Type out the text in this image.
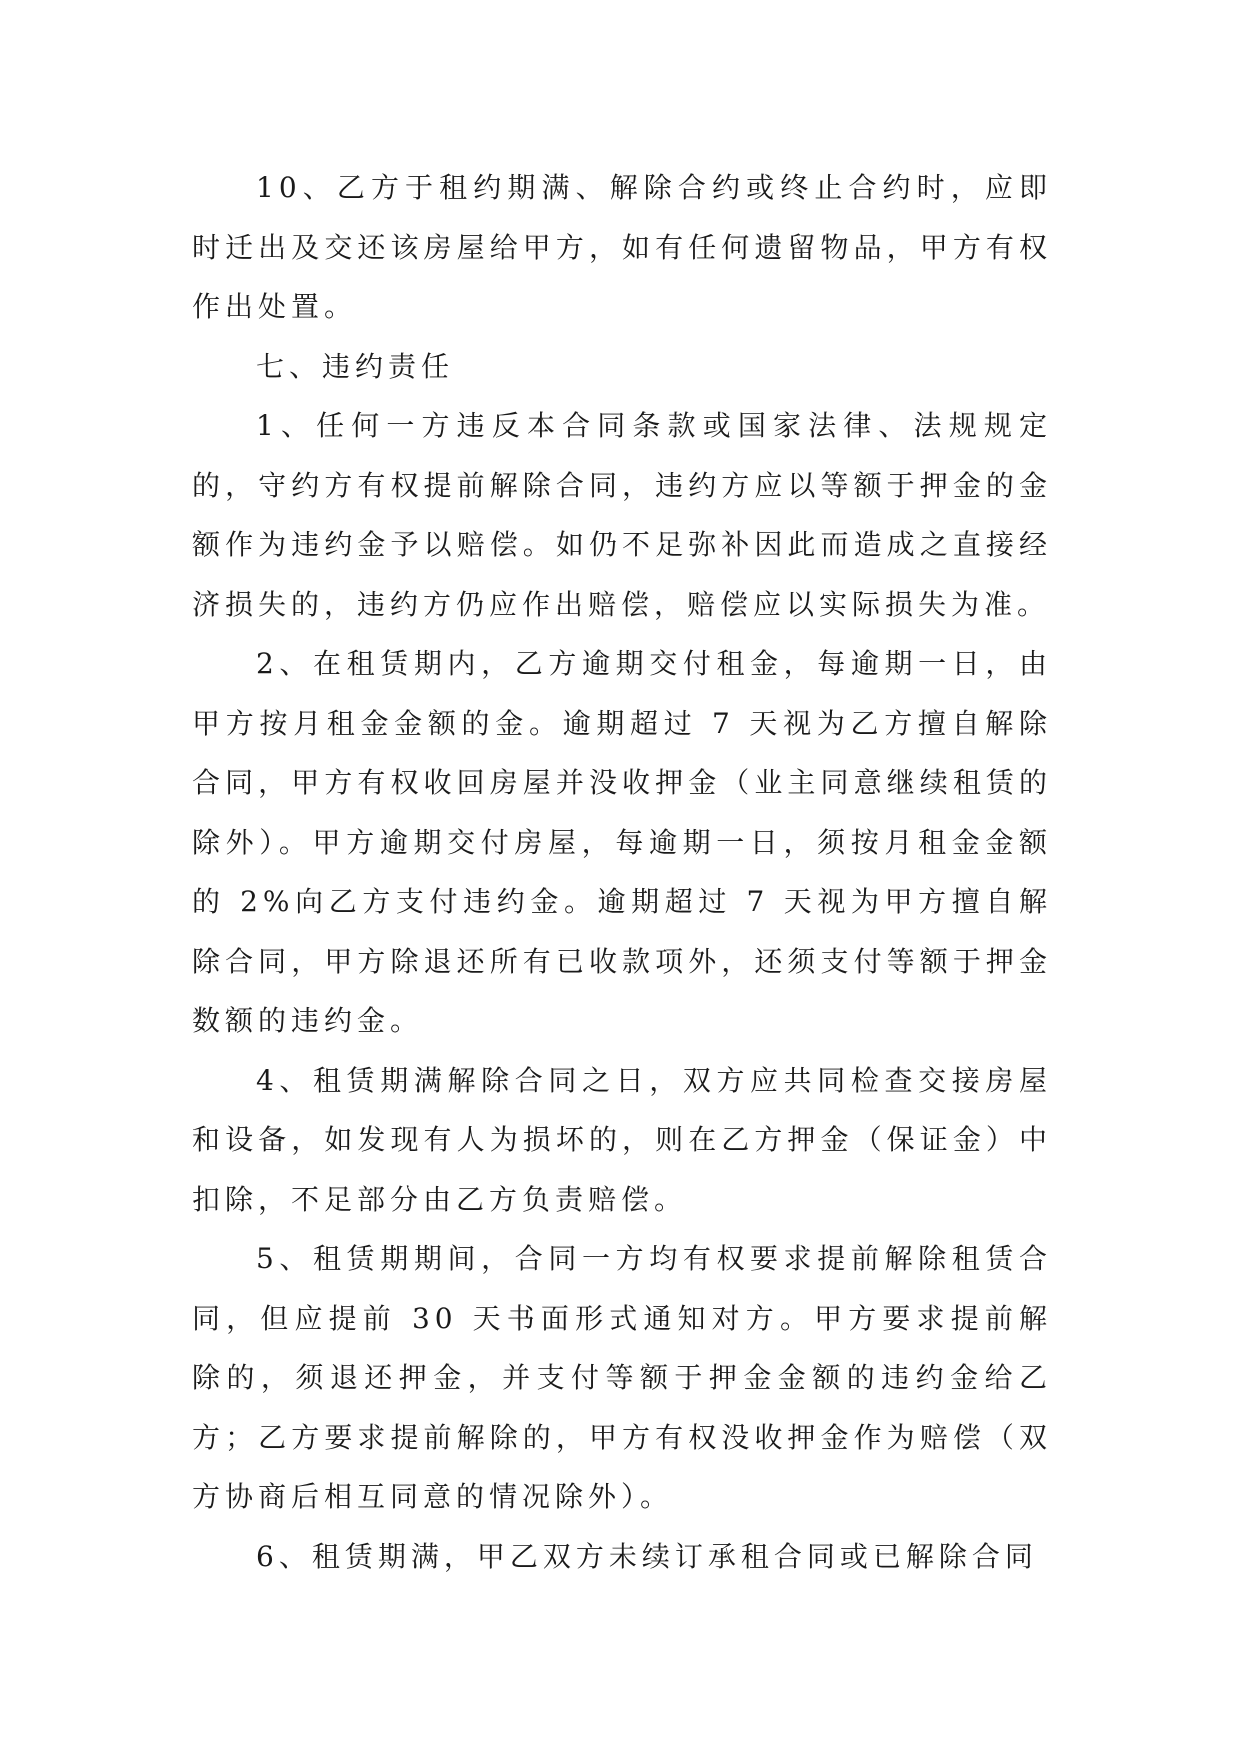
10、乙方于租约期满、解除合约或终止合约时，应即时迁出及交还该房屋给甲方，如有任何遗留物品，甲方有权作出处置。

七、违约责任

1、任何一方违反本合同条款或国家法律、法规规定的，守约方有权提前解除合同，违约方应以等额于押金的金额作为违约金予以赔偿。如仍不足弥补因此而造成之直接经济损失的，违约方仍应作出赔偿，赔偿应以实际损失为准。

2、在租赁期内，乙方逾期交付租金，每逾期一日，由甲方按月租金金额的金。逾期超过 7 天视为乙方擅自解除合同，甲方有权收回房屋并没收押金（业主同意继续租赁的除外）。甲方逾期交付房屋，每逾期一日，须按月租金金额的 2%向乙方支付违约金。逾期超过 7 天视为甲方擅自解除合同，甲方除退还所有已收款项外，还须支付等额于押金数额的违约金。

4、租赁期满解除合同之日，双方应共同检查交接房屋和设备，如发现有人为损坏的，则在乙方押金（保证金）中扣除，不足部分由乙方负责赔偿。

5、租赁期期间，合同一方均有权要求提前解除租赁合同，但应提前 30 天书面形式通知对方。甲方要求提前解除的，须退还押金，并支付等额于押金金额的违约金给乙方；乙方要求提前解除的，甲方有权没收押金作为赔偿（双方协商后相互同意的情况除外）。

6、租赁期满，甲乙双方未续订承租合同或已解除合同
